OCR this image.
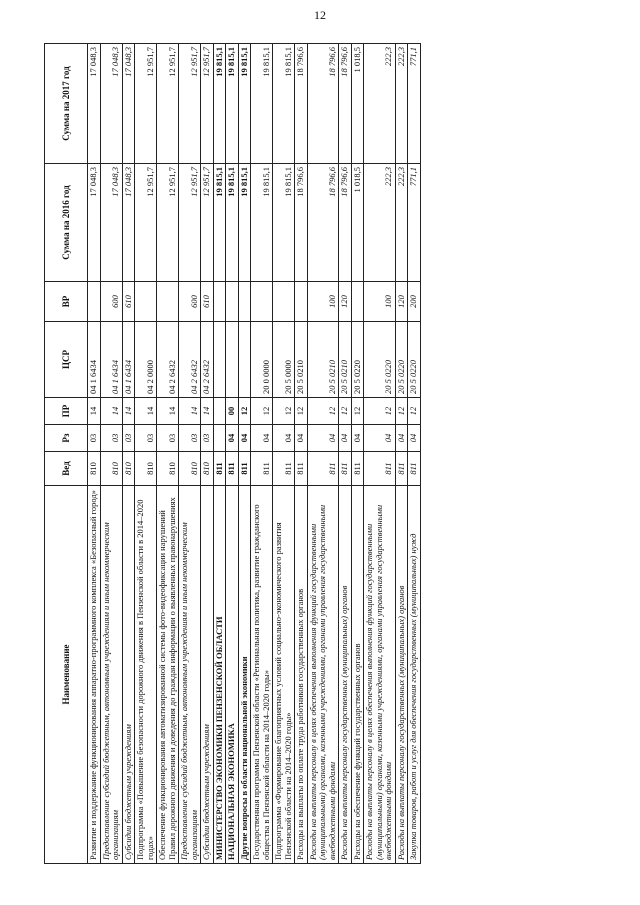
12
Наименование	Вед	Рз	ПР	ЦСР	ВР	Сумма на 2016 год	Сумма на 2017 год
Развитие и поддержание функционирования аппаратно-программного комплекса «Безопасный город»	810	03	14	04 1 6434		17 048,3	17 048,3
Предоставление субсидий бюджетным, автономным учреждениям и иным некоммерческим организациям	810	03	14	04 1 6434	600	17 048,3	17 048,3
Субсидии бюджетным учреждениям	810	03	14	04 1 6434	610	17 048,3	17 048,3
Подпрограмма «Повышение безопасности дорожного движения в Пензенской области в 2014–2020 годах»	810	03	14	04 2 0000		12 951,7	12 951,7
Обеспечение функционирования автоматизированной системы фото-видеофиксации нарушений Правил дорожного движения и доведения до граждан информации о выявленных правонарушениях	810	03	14	04 2 6432		12 951,7	12 951,7
Предоставление субсидий бюджетным, автономным учреждениям и иным некоммерческим организациям	810	03	14	04 2 6432	600	12 951,7	12 951,7
Субсидии бюджетным учреждениям	810	03	14	04 2 6432	610	12 951,7	12 951,7
МИНИСТЕРСТВО ЭКОНОМИКИ ПЕНЗЕНСКОЙ ОБЛАСТИ	811					19 815,1	19 815,1
НАЦИОНАЛЬНАЯ ЭКОНОМИКА	811	04	00			19 815,1	19 815,1
Другие вопросы в области национальной экономики	811	04	12			19 815,1	19 815,1
Государственная программа Пензенской области «Региональная политика, развитие гражданского общества в Пензенской области на 2014–2020 годы»	811	04	12	20 0 0000		19 815,1	19 815,1
Подпрограмма «Формирование благоприятных условий социально-экономического развития Пензенской области на 2014–2020 годы»	811	04	12	20 5 0000		19 815,1	19 815,1
Расходы на выплаты по оплате труда работников государственных органов	811	04	12	20 5 0210		18 796,6	18 796,6
Расходы на выплаты персоналу в целях обеспечения выполнения функций государственными (муниципальными) органами, казенными учреждениями, органами управления государственными внебюджетными фондами	811	04	12	20 5 0210	100	18 796,6	18 796,6
Расходы на выплаты персоналу государственных (муниципальных) органов	811	04	12	20 5 0210	120	18 796,6	18 796,6
Расходы на обеспечение функций государственных органов	811	04	12	20 5 0220		1 018,5	1 018,5
Расходы на выплаты персоналу в целях обеспечения выполнения функций государственными (муниципальными) органами, казенными учреждениями, органами управления государственными внебюджетными фондами	811	04	12	20 5 0220	100	222,3	222,3
Расходы на выплаты персоналу государственных (муниципальных) органов	811	04	12	20 5 0220	120	222,3	222,3
Закупка товаров, работ и услуг для обеспечения государственных (муниципальных) нужд	811	04	12	20 5 0220	200	771,1	771,1
